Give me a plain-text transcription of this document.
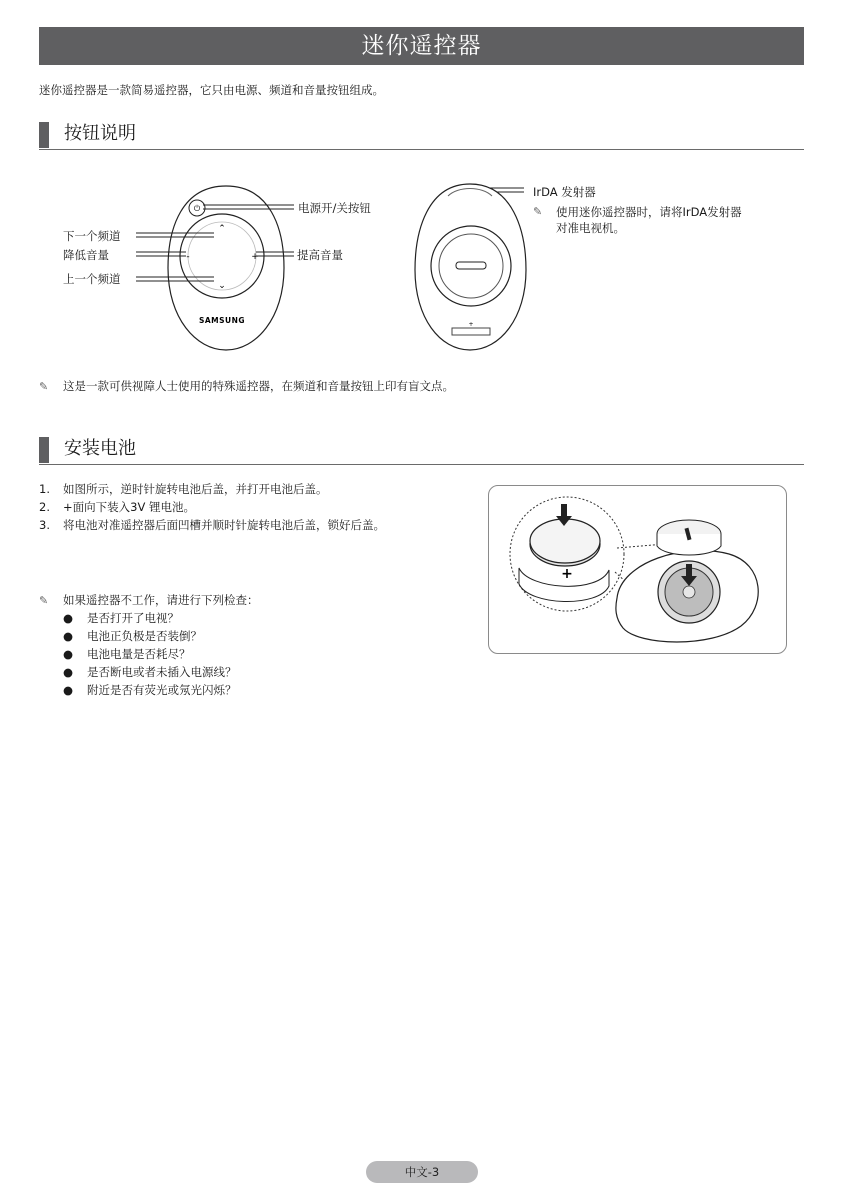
迷你遥控器
迷你遥控器是一款简易遥控器，它只由电源、频道和音量按钮组成。
按钮说明
⏻
⌃
⌄
-	+
SAMSUNG	+
电源开/关按钮
下一个频道
降低音量
上一个频道
提高音量
IrDA 发射器
✎ 使用迷你遥控器时，请将IrDA发射器
对准电视机。
✎ 这是一款可供视障人士使用的特殊遥控器，在频道和音量按钮上印有盲文点。
安装电池
1. 如图所示，逆时针旋转电池后盖，并打开电池后盖。
2. +面向下装入3V 锂电池。
3. 将电池对准遥控器后面凹槽并顺时针旋转电池后盖，锁好后盖。
+
✎ 如果遥控器不工作，请进行下列检查：
● 是否打开了电视？
● 电池正负极是否装倒？
● 电池电量是否耗尽？
● 是否断电或者未插入电源线？
● 附近是否有荧光或氖光闪烁？
中文-3
